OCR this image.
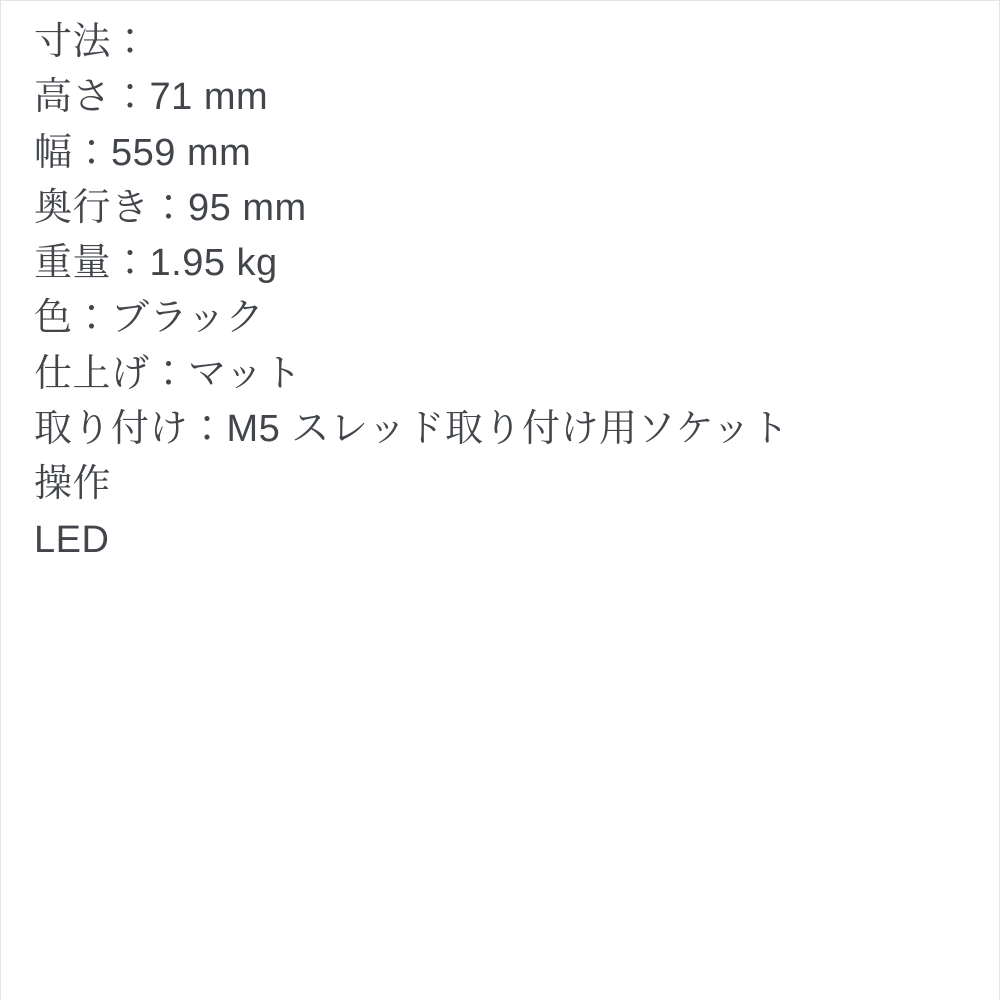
寸法：
高さ：71 mm
幅：559 mm
奥行き：95 mm
重量：1.95 kg
色：ブラック
仕上げ：マット
取り付け：M5 スレッド取り付け用ソケット
操作
LED
